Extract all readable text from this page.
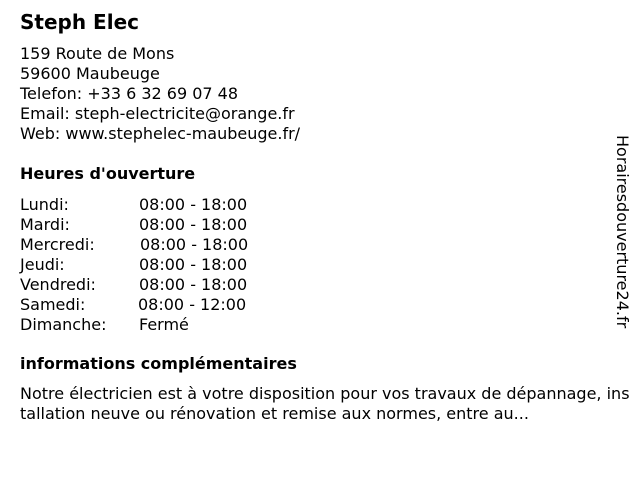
Steph Elec
159 Route de Mons
59600 Maubeuge
Telefon: +33 6 32 69 07 48
Email: steph-electricite@orange.fr
Web: www.stephelec-maubeuge.fr/
Heures d'ouverture
Lundi:	08:00 - 18:00
Mardi:	08:00 - 18:00
Mercredi:	08:00 - 18:00
Jeudi:	08:00 - 18:00
Vendredi:	08:00 - 18:00
Samedi:	08:00 - 12:00
Dimanche: Fermé
informations complémentaires
Notre électricien est à votre disposition pour vos travaux de dépannage, installation neuve ou rénovation et remise aux normes, entre au...
Horairesdouverture24.fr
